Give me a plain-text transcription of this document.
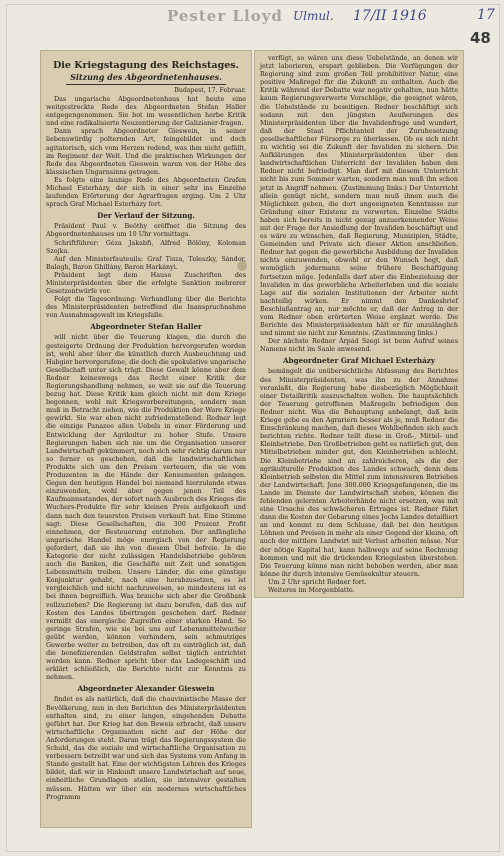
Pester Lloyd Ulmul. 17/II 1916	17
48
Die Kriegstagung des Reichstages.
Sitzung des Abgeordnetenhauses.
Budapest, 17. Februar.

Das ungarische Abgeordnetenhaus hat heute eine weitgestreckte Rede des Abgeordneten Stefan Haller entgegengenommen. Sie bot im wesentlichen herbe Kritik und eine radikalisierte Neuzentierung der Galizianer-fragen.

Dann sprach Abgeordneter Gieswein, in seiner liebenswürdig polternden Art, feingebildet und doch agitatorisch, sich vom Herzen redend, was ihm nicht gefällt, im Regiment der Welt. Und die praktischen Wirkungen der Rede des Abgeordneten Gieswein waren von der Höhe des klassischen Ungarnsinns getragen.

Es folgte eine launige Rede des Abgeordneten Grafen Michael Esterházy, der sich in einer sehr ins Einzelne laufenden Erörterung der Agrarfragen erging. Um 2 Uhr sprach Graf Michael Esterházy fort.

Der Verlauf der Sitzung.

Präsident Paul v. Beöthy eröffnet die Sitzung des Abgeordnetenhauses um 10 Uhr vormittags.

Schriftführer: Géza Jakabfi, Alfred Bölöny, Koloman Szojka.

Auf den Ministerfauteuils: Graf Tisza, Teleszky, Sándor, Balogh, Baron Ghillány, Baron Harkányi.

Präsident legt dem Hause Zuschriften des Ministerpräsidenten über die erfolgte Sanktion mehrerer Gesetzentwürfe vor.

Folgt die Tagesordnung: Verhandlung über die Berichte des Ministerpräsidenten betreffend die Inanspruchnahme von Ausnahmsgewalt im Kriegsfalle.

Abgeordneter Stefan Haller

will nicht über die Teuerung klagen, die durch die gesteigerte Ordnung der Produktion hervorgerufen worden ist, wohl aber über die künstlich durch Ausbeuchtung und Habgier hervorgerufene, die doch die spekulative ungarische Gesellschaft unter sich trägt. Diese Gewalt könne aber dem Redner keineswegs das Recht einer Kritik der Regierungshandlung nehmen, so weit sie auf die Teuerung bezug hat. Diese Kritik kam gleich nicht mit dem Kriege begonnen, wohl mit Kriegsvorbereitungen, sondern man muß in Betracht ziehen, wie die Produktion der Ware Kriege gewirkt. Sie war eben nicht zufriedenstellend. Redner legt die einzige Panazee allen Uebels in einer Förderung und Entwicklung der Agrikultur zu hoher Stufe. Unsere Regierungen haben sich nie um die Organisation unserer Landwirtschaft gekümmert, noch sich sehr richtig darum nur so ferner es geschehen, daß die landwirtschaftlichen Produkte sich um den Preisen verteuern, die sie vom Produzenten in die Hände der Konsumenten gelangen. Gegen den heutigen Handel bei niemand hierzulande etwas einzuwenden, wohl aber gegen jenen Teil des Kaufmannsstandes, der sofort nach Ausbruch des Krieges die Wuchers-Produkte für sehr kleinen Preis aufgekauft und dann nach den teuersten Preisen verkauft hat. Eine Stimme sagt: Diese Gesellschaften, die 300 Prozent Profit einnehmen, der Besteuerung entziehen. Der anfängliche ungarische Handel möge energisch von der Regierung gefordert, daß sie ihn von diesem Übel befreie. In die Kategorie der nicht zulässigen Handelsbetriebe gehören auch die Banken, die Geschäfte mit Zeit und sonstigen Lebensmitteln treiben. Unsere Länder, die eine günstige Konjunktur gehabt, nach eine herabzusetzen, es ist vergleichlich und nicht nachzuweisen, so mindestens ist es bei ihnen begreiflich. Was brauche sich aber die Großbank vollzuziehen? Die Regierung ist dazu berufen, daß das auf Kosten des Landes übertragen geschehen darf. Redner vermißt das energische Zugreifen einer starken Hand. So geringe Strafen, wie sie bei uns auf Lebensmittelwucher geübt werden, können verhindern, sein schmutziges Gewerbe weiter zu betreiben, das oft zu einträglich ist, daß die benefizierenden Geldstrafen selbst täglich entrichtet werden kann. Redner spricht über das Ladegeschäft und erklärt schließlich, die Berichte nicht zur Kenntnis zu nehmen.

Abgeordneter Alexander Gieswein

findet es als natürlich, daß die chauvinistische Masse der Bevölkerung, nun in den Berichten des Ministerpräsidenten enthalten sind, zu einer langen, eingehenden Debatte geführt hat. Der Krieg hat den Beweis erbracht, daß unsere wirtschaftliche Organisation nicht auf der Höhe der Anforderungen steht. Daran trägt das Regierungssystem die Schuld, das die soziale und wirtschaftliche Organisation zu verbessern betreibt war und sich das Systems vom Anfang in Stande gestellt hat. Eine der wichtigsten Lehren des Krieges bildet, daß wir in Hinkunft unsere Landwirtschaft auf neue, einheitliche Grundlagen stellen, sie intensiver gestalten müssen. Hätten wir über ein modernes wirtschaftliches Programm

verfügt, so wären uns diese Uebelstände, an denen wir jetzt laborieren, erspart geblieben. Die Verfügungen der Regierung sind zum großen Teil prohibitiver Natur, eine positive Maßregel für die Zukunft zu enthalten. Auch die Kritik während der Debatte war negativ gehalten, nun hätte kaum Regierungsverwerte Vorschläge, die geeignet wären, die Uebelstände zu beseitigen. Redner beschäftigt sich sodann mit den jüngsten Aeußerungen des Ministerpräsidenten über die Invalidenfrage und wundert, daß der Staat Pflichtanteil der Zuruhesetzung gesellschaftlicher Fürsorge zu überlassen. Ob es sich nicht zu wichtig sei die Zukunft der Invaliden zu sichern. Die Aufklärungen des Ministerpräsidenten über den landwirtschaftlichen Unterricht der Invaliden haben den Redner nicht befriedigt. Man darf mit diesem Unterricht nicht bis zum Sommer warten, sondern man muß ihn schon jetzt in Angriff nehmen. (Zustimmung links.) Der Unterricht allein genügt nicht, sondern man muß ihnen auch die Möglichkeit geben, die dort angeeigneten Kenntnisse zur Gründung einer Existenz zu verwerten. Einzelne Städte haben sich bereits in nicht genug anzuerkennender Weise mit der Frage der Ansiedlung der Invaliden beschäftigt und es wäre zu wünschen, daß Regierung, Munizipien, Städte, Gemeinden und Private sich dieser Aktion anschließen. Redner hat gegen die gewerbliche Ausbildung der Invaliden nichts einzuwenden, obwohl er den Wunsch hegt, daß womöglich jedermann seine frühere Beschäftigung fortsetzen möge. Jedenfalls darf aber die Einbeziehung der Invaliden in das gewerbliche Arbeiterleben und die soziale Lage auf die sozialen Institutionen der Arbeiter nicht nachteilig wirken. Er nimmt den Dankesbrief Beschlußantrag an, nur möchte er, daß der Antrag in der vom Redner oben erörterten Weise ergänzt werde. Die Berichte des Ministerpräsidenten hält er für unzulänglich und nimmt sie nicht zur Kenntnis. (Zustimmung links.)

Der nächste Redner Árpád Szegi ist beim Aufruf seines Namens nicht im Saale anwesend.

Abgeordneter Graf Michael Esterházy

bemängelt die unübersichtliche Abfassung des Berichtes des Ministerpräsidenten, was ihn zu der Annahme veranlaßt, die Regierung habe diesbezüglich Möglichkeit einer Detailkritik auszuschalten wollen. Die hauptsächlich der Teuerung getroffenen Maßregeln befriedigen den Redner nicht. Was die Behauptung anbelangt, daß kein Kriege gebe es den Agrariern besser als je, muß Redner die Einschränkung machen, daß dieses Wohlbefinden sich auch berichten richte. Redner teilt diese in Groß-, Mittel- und Kleinbetriebe. Den Großbetrieben geht es natürlich gut, den Mittelbetrieben minder gut, den Kleinbetrieben schlecht. Die Kleinbetriebe sind an zahlreicheren, als die der agrikulturelle Produktion des Landes schwach, denn dem Kleinbetrieb selbsten die Mittel zum intensiveren Betrieben der Landwirtschaft. Jene 300.000 Kriegsgefangenen, die im Lande im Dienste der Landwirtschaft stehen, können die fehlenden gelernten Arbeiterhände nicht ersetzen, was mit eine Ursache des schwächeren Ertrages ist. Redner führt dann die Kosten der Gebarung eines Jochs Landes detailliert an und kommt zu dem Schlusse, daß bei den heutigen Löhnen und Preisen in mehr als einer Gegend der kleine, oft auch der mittlere Landwirt mit Verlust arbeiten müsse. Nur der nötige Kapital hat, kann halbwegs auf seine Rechnung kommen und mit die drückenden Kriegslasten überstehen. Die Teuerung könne man nicht behoben werden, aber man könne ihr durch intensive Gemüsekultur steuern.

Um 2 Uhr spricht Redner fort.

Weiteres im Morgenblatte.
